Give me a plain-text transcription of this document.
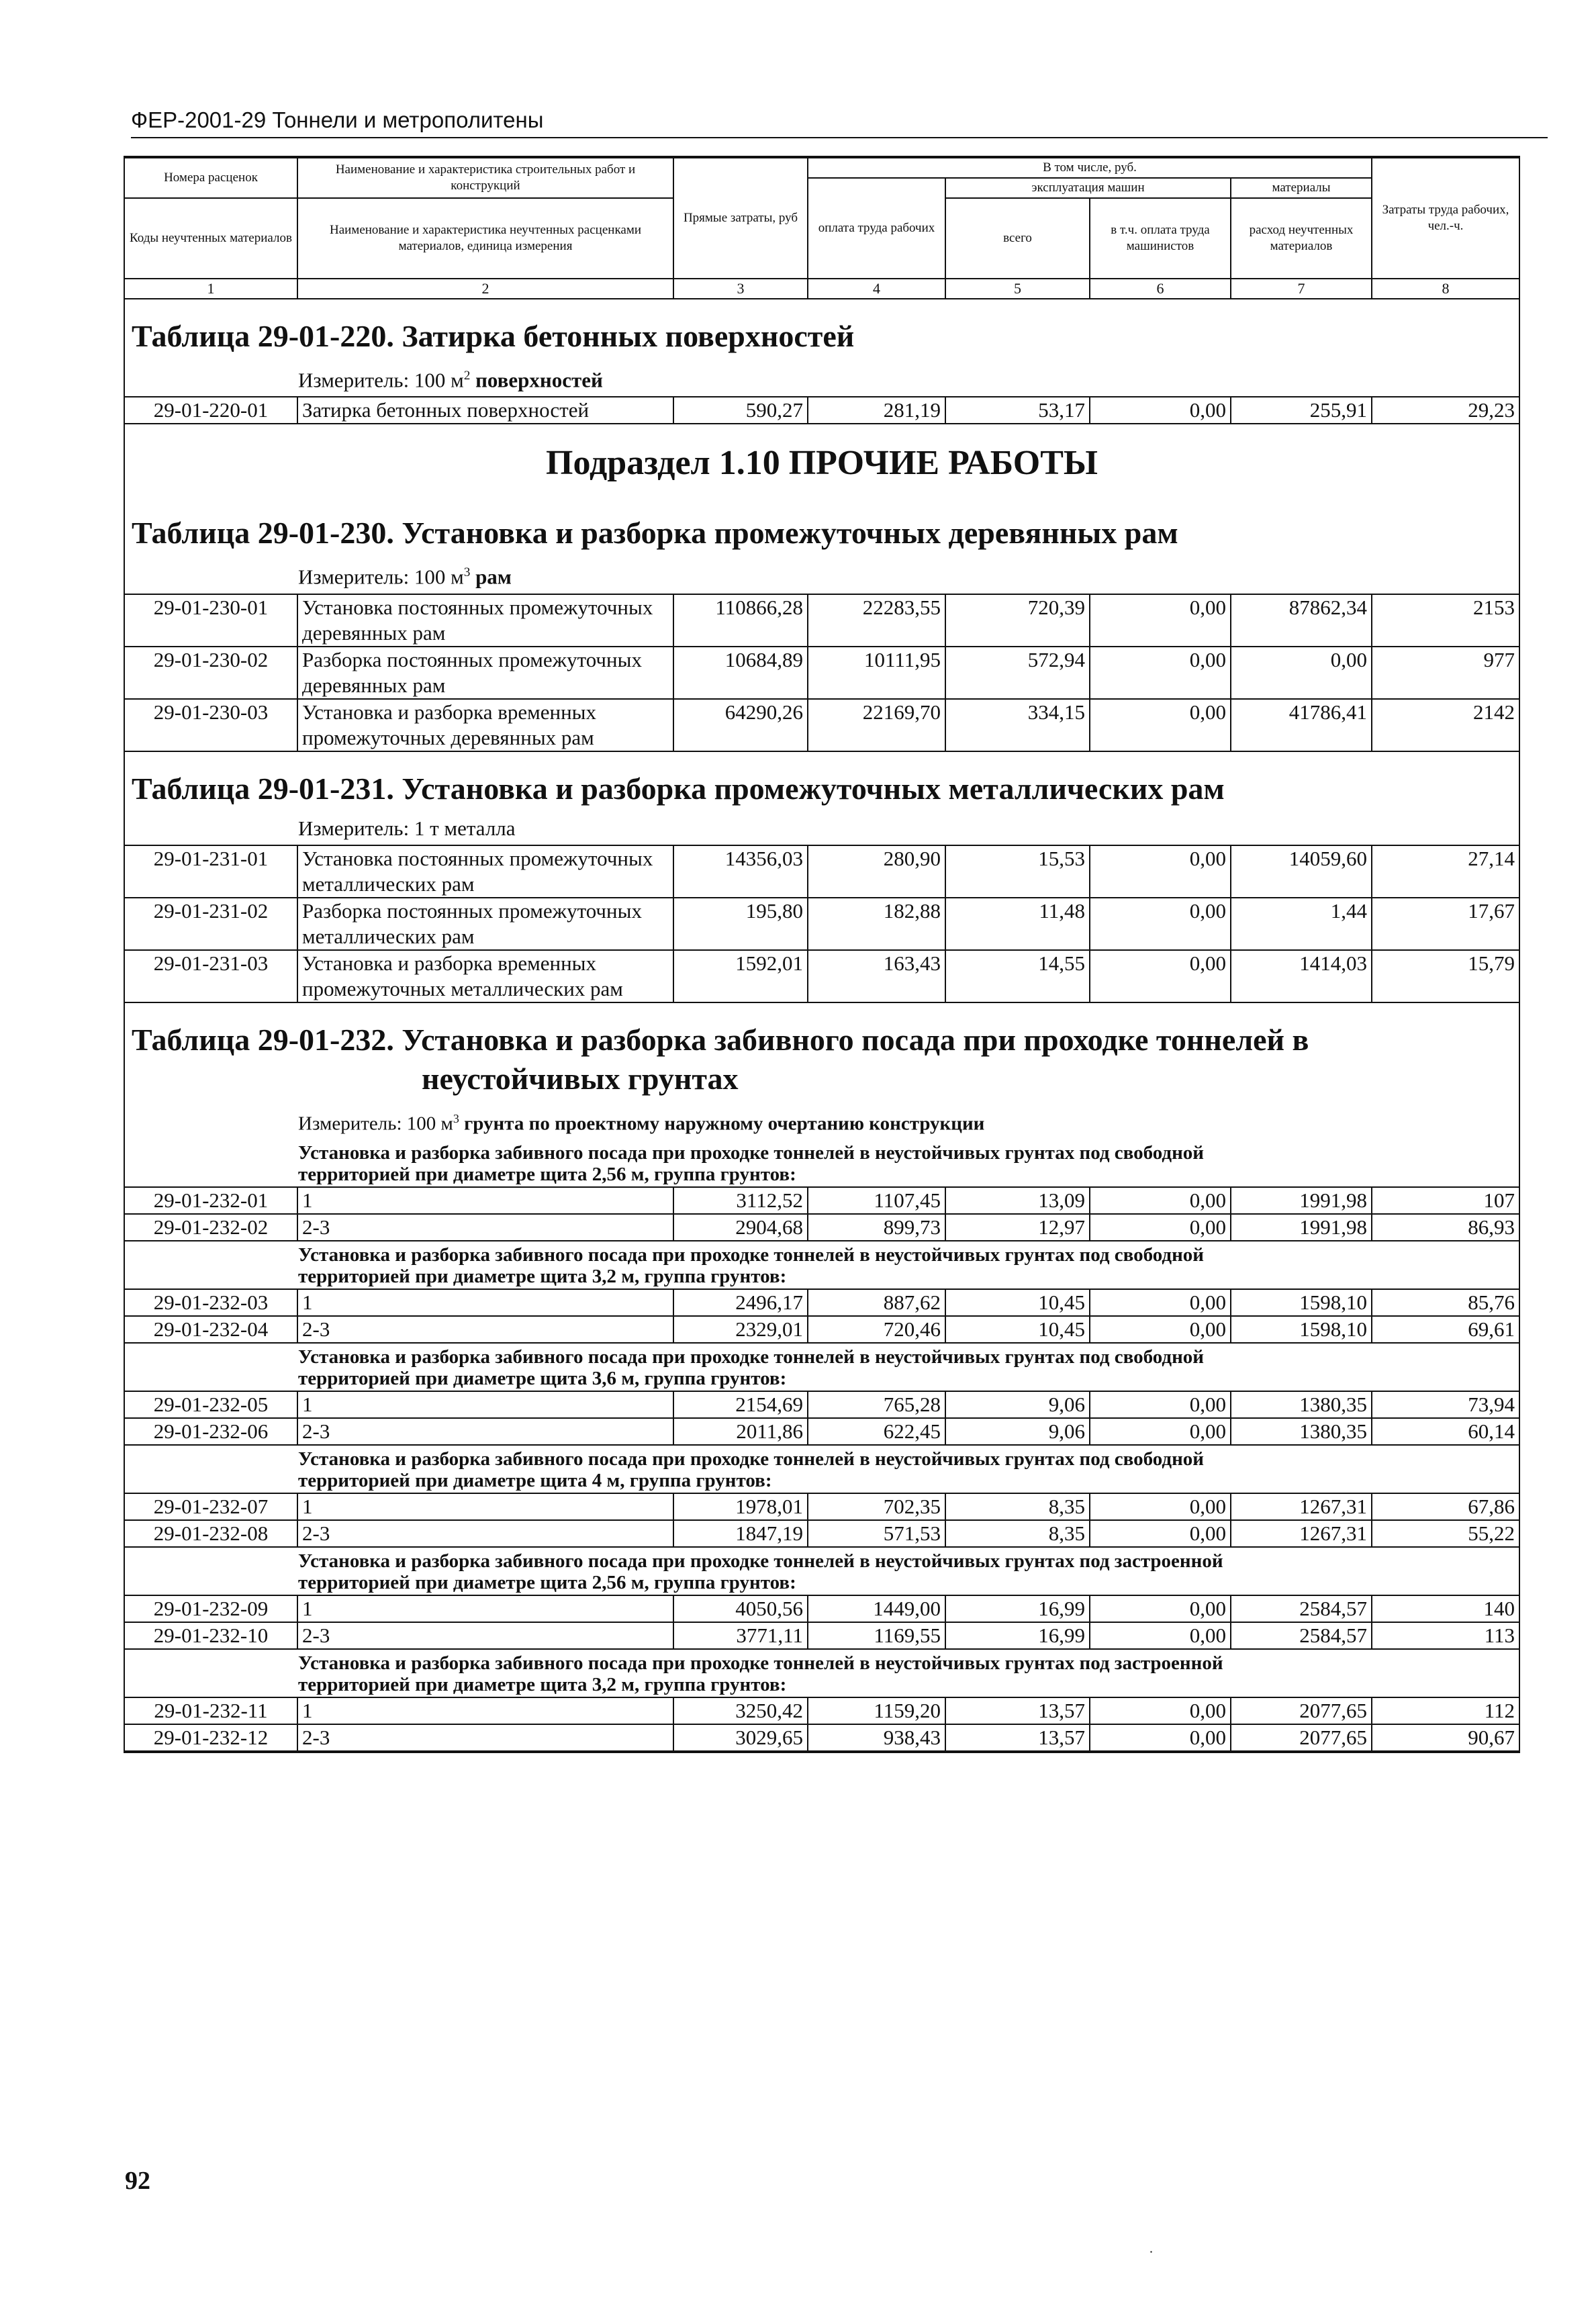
ФЕР-2001-29 Тоннели и метрополитены
Номера расценок	Наименование и характеристика строительных работ и конструкций	Прямые затраты, руб	В том числе, руб.				Затраты труда рабочих, чел.-ч.
			оплата труда рабочих	эксплуатация машин		материалы	
Коды неучтенных материалов	Наименование и характеристика неучтенных расценками материалов, единица измерения			всего	в т.ч. оплата труда машинистов	расход неучтенных материалов	

1	2	3	4	5	6	7	8
Таблица 29-01-220. Затирка бетонных поверхностей							
Измеритель: 100 $м^2$ поверхностей							
29-01-220-01	Затирка бетонных поверхностей	590,27	281,19	53,17	0,00	255,91	29,23
Подраздел 1.10 ПРОЧИЕ РАБОТЫ							
Таблица 29-01-230. Установка и разборка промежуточных деревянных рам							
Измеритель: 100 $м^3$ рам							
29-01-230-01	Установка постоянных промежуточных деревянных рам	110866,28	22283,55	720,39	0,00	87862,34	2153
29-01-230-02	Разборка постоянных промежуточных деревянных рам	10684,89	10111,95	572,94	0,00	0,00	977
29-01-230-03	Установка и разборка временных промежуточных деревянных рам	64290,26	22169,70	334,15	0,00	41786,41	2142
Таблица 29-01-231. Установка и разборка промежуточных металлических рам							
Измеритель: 1 т металла							
29-01-231-01	Установка постоянных промежуточных металлических рам	14356,03	280,90	15,53	0,00	14059,60	27,14
29-01-231-02	Разборка постоянных промежуточных металлических рам	195,80	182,88	11,48	0,00	1,44	17,67
29-01-231-03	Установка и разборка временных промежуточных металлических рам	1592,01	163,43	14,55	0,00	1414,03	15,79
Таблица 29-01-232. Установка и разборка забивного посада при проходке тоннелей в
неустойчивых грунтах							

Измеритель: 100 $м^3$ грунта по проектному наружному очертанию конструкции							

Установка и разборка забивного посада при проходке тоннелей в неустойчивых грунтах под свободной
территорией при диаметре щита 2,56 м, группа грунтов:							

29-01-232-01	1	3112,52	1107,45	13,09	0,00	1991,98	107
29-01-232-02	2-3	2904,68	899,73	12,97	0,00	1991,98	86,93

Установка и разборка забивного посада при проходке тоннелей в неустойчивых грунтах под свободной
территорией при диаметре щита 3,2 м, группа грунтов:							

29-01-232-03	1	2496,17	887,62	10,45	0,00	1598,10	85,76
29-01-232-04	2-3	2329,01	720,46	10,45	0,00	1598,10	69,61

Установка и разборка забивного посада при проходке тоннелей в неустойчивых грунтах под свободной
территорией при диаметре щита 3,6 м, группа грунтов:							

29-01-232-05	1	2154,69	765,28	9,06	0,00	1380,35	73,94
29-01-232-06	2-3	2011,86	622,45	9,06	0,00	1380,35	60,14

Установка и разборка забивного посада при проходке тоннелей в неустойчивых грунтах под свободной
территорией при диаметре щита 4 м, группа грунтов:							

29-01-232-07	1	1978,01	702,35	8,35	0,00	1267,31	67,86
29-01-232-08	2-3	1847,19	571,53	8,35	0,00	1267,31	55,22

Установка и разборка забивного посада при проходке тоннелей в неустойчивых грунтах под застроенной
территорией при диаметре щита 2,56 м, группа грунтов:							

29-01-232-09	1	4050,56	1449,00	16,99	0,00	2584,57	140
29-01-232-10	2-3	3771,11	1169,55	16,99	0,00	2584,57	113

Установка и разборка забивного посада при проходке тоннелей в неустойчивых грунтах под застроенной
территорией при диаметре щита 3,2 м, группа грунтов:							

29-01-232-11	1	3250,42	1159,20	13,57	0,00	2077,65	112
29-01-232-12	2-3	3029,65	938,43	13,57	0,00	2077,65	90,67
92
.
